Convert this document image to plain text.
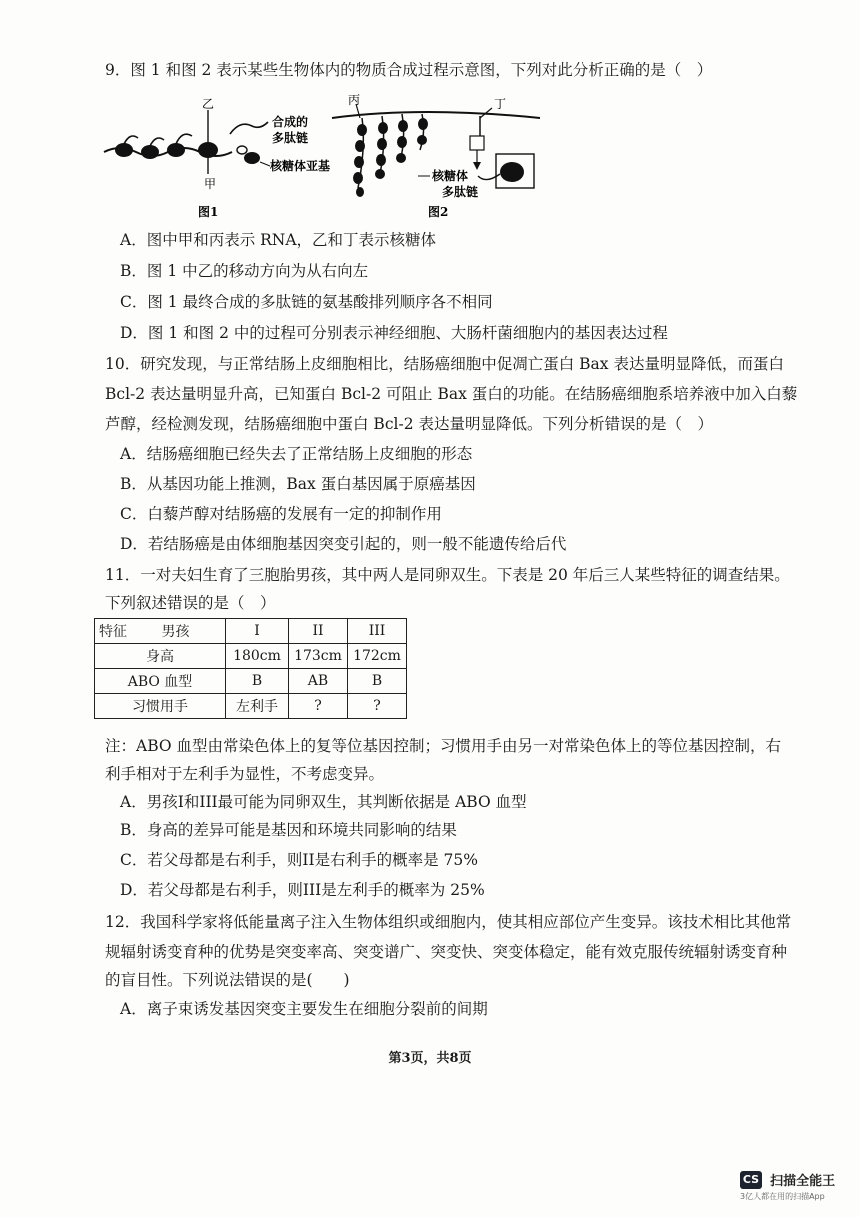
9．图 1 和图 2 表示某些生物体内的物质合成过程示意图，下列对此分析正确的是（　）
乙
甲
合成的
多肽链
核糖体亚基
丙	丁
核糖体
多肽链
图1	图2
A．图中甲和丙表示 RNA，乙和丁表示核糖体
B．图 1 中乙的移动方向为从右向左
C．图 1 最终合成的多肽链的氨基酸排列顺序各不相同
D．图 1 和图 2 中的过程可分别表示神经细胞、大肠杆菌细胞内的基因表达过程
10．研究发现，与正常结肠上皮细胞相比，结肠癌细胞中促凋亡蛋白 Bax 表达量明显降低，而蛋白
Bcl-2 表达量明显升高，已知蛋白 Bcl-2 可阻止 Bax 蛋白的功能。在结肠癌细胞系培养液中加入白藜
芦醇，经检测发现，结肠癌细胞中蛋白 Bcl-2 表达量明显降低。下列分析错误的是（　）
A．结肠癌细胞已经失去了正常结肠上皮细胞的形态
B．从基因功能上推测，Bax 蛋白基因属于原癌基因
C．白藜芦醇对结肠癌的发展有一定的抑制作用
D．若结肠癌是由体细胞基因突变引起的，则一般不能遗传给后代
11．一对夫妇生育了三胞胎男孩，其中两人是同卵双生。下表是 20 年后三人某些特征的调查结果。
下列叙述错误的是（　）
特征 男孩	I	II	III
身高	180cm	173cm	172cm
ABO 血型	B	AB	B
习惯用手	左利手	?	?
注：ABO 血型由常染色体上的复等位基因控制；习惯用手由另一对常染色体上的等位基因控制，右
利手相对于左利手为显性，不考虑变异。
A．男孩I和III最可能为同卵双生，其判断依据是 ABO 血型
B．身高的差异可能是基因和环境共同影响的结果
C．若父母都是右利手，则II是右利手的概率是 75%
D．若父母都是右利手，则III是左利手的概率为 25%
12．我国科学家将低能量离子注入生物体组织或细胞内，使其相应部位产生变异。该技术相比其他常
规辐射诱变育种的优势是突变率高、突变谱广、突变快、突变体稳定，能有效克服传统辐射诱变育种
的盲目性。下列说法错误的是(　　)
A．离子束诱发基因突变主要发生在细胞分裂前的间期
第3页，共8页
CS 扫描全能王
3亿人都在用的扫描App
